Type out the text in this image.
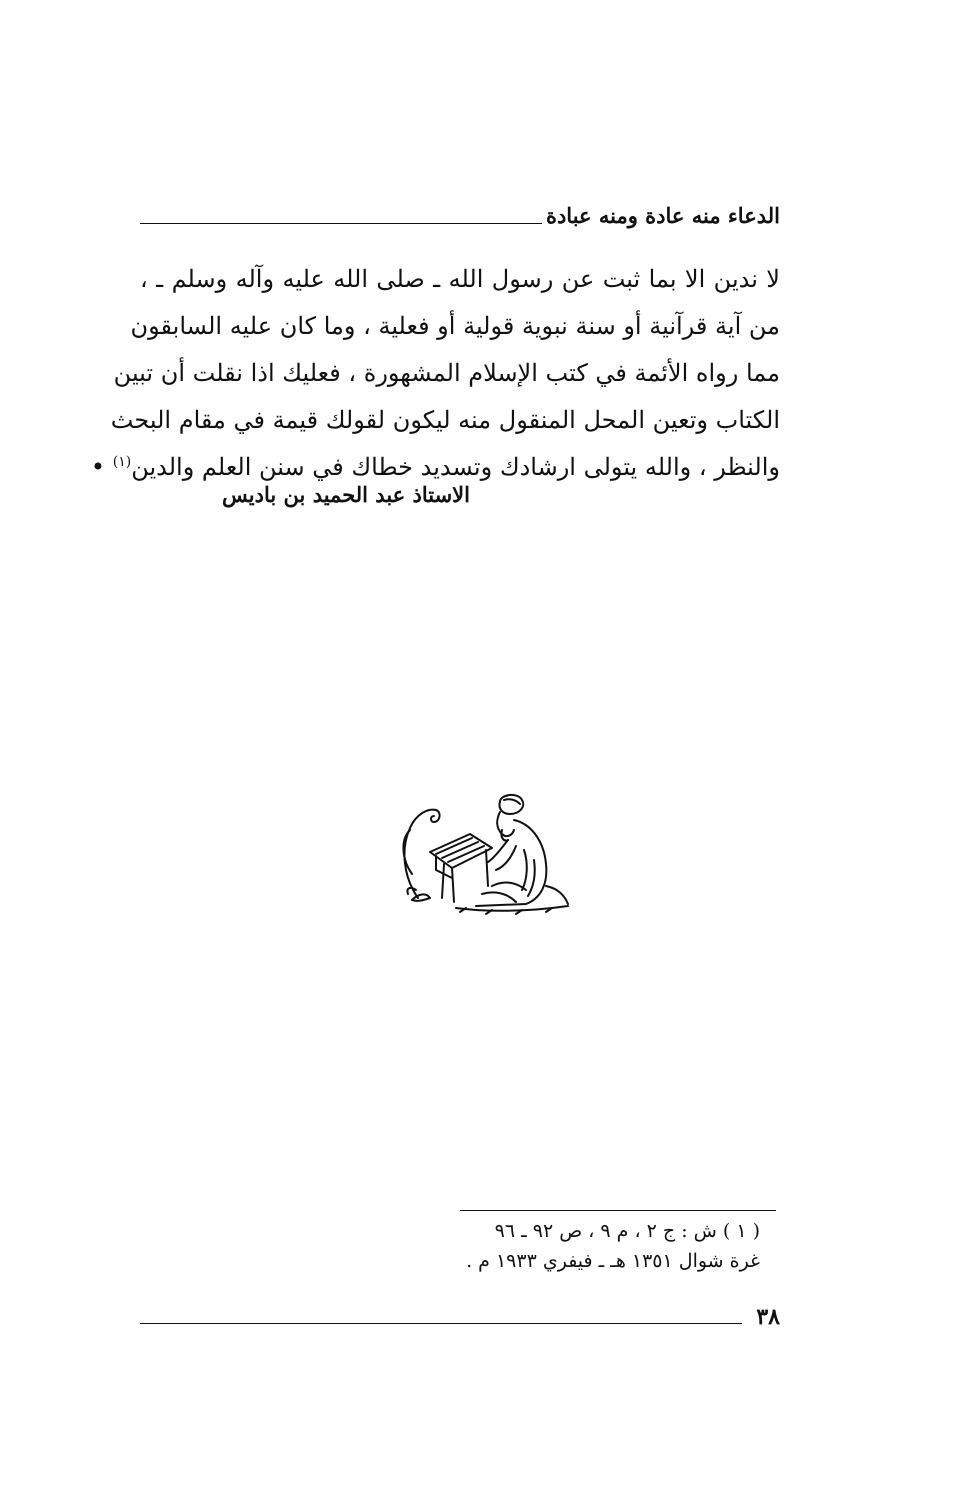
الدعاء منه عادة ومنه عبادة

لا ندين الا بما ثبت عن رسول الله ـ صلى الله عليه وآله وسلم ـ ،
من آية قرآنية أو سنة نبوية قولية أو فعلية ، وما كان عليه السابقون
مما رواه الأئمة في كتب الإسلام المشهورة ، فعليك اذا نقلت أن تبين
الكتاب وتعين المحل المنقول منه ليكون لقولك قيمة في مقام البحث
والنظر ، والله يتولى ارشادك وتسديد خطاك في سنن العلم والدين$^{(١)}$ •

الاستاذ عبد الحميد بن باديس
( ١ ) ش : ج ٢ ، م ٩ ، ص ٩٢ ـ ٩٦
غرة شوال ١٣٥١ هـ ـ فيفري ١٩٣٣ م .
٣٨
